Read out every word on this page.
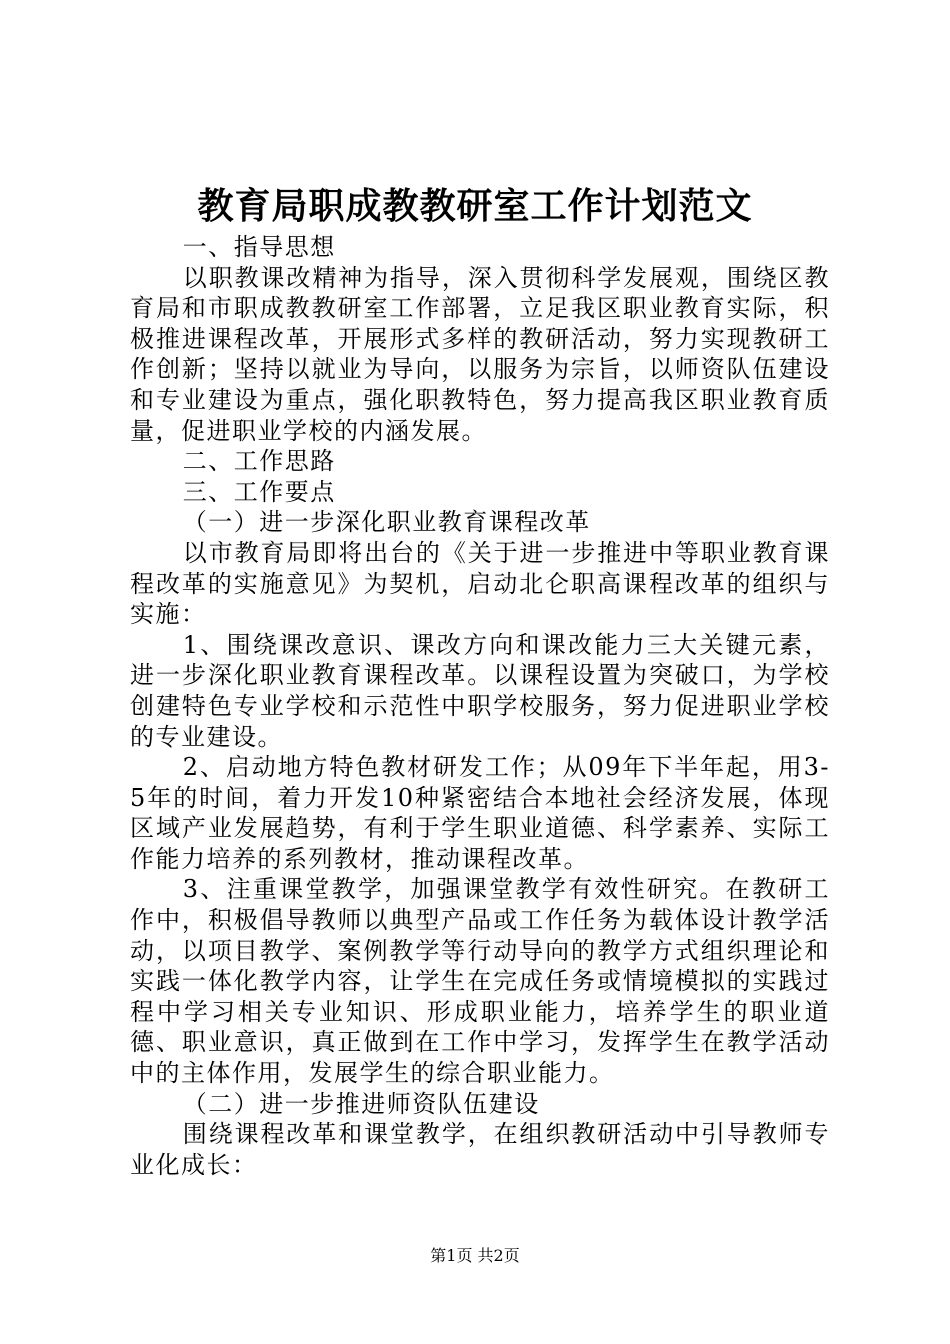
教育局职成教教研室工作计划范文

一、指导思想

以职教课改精神为指导，深入贯彻科学发展观，围绕区教育局和市职成教教研室工作部署，立足我区职业教育实际，积极推进课程改革，开展形式多样的教研活动，努力实现教研工作创新；坚持以就业为导向，以服务为宗旨，以师资队伍建设和专业建设为重点，强化职教特色，努力提高我区职业教育质量，促进职业学校的内涵发展。

二、工作思路

三、工作要点

（一）进一步深化职业教育课程改革

以市教育局即将出台的《关于进一步推进中等职业教育课程改革的实施意见》为契机，启动北仑职高课程改革的组织与实施：

1、围绕课改意识、课改方向和课改能力三大关键元素，进一步深化职业教育课程改革。以课程设置为突破口，为学校创建特色专业学校和示范性中职学校服务，努力促进职业学校的专业建设。

2、启动地方特色教材研发工作；从09年下半年起，用3-5年的时间，着力开发10种紧密结合本地社会经济发展，体现区域产业发展趋势，有利于学生职业道德、科学素养、实际工作能力培养的系列教材，推动课程改革。

3、注重课堂教学，加强课堂教学有效性研究。在教研工作中，积极倡导教师以典型产品或工作任务为载体设计教学活动，以项目教学、案例教学等行动导向的教学方式组织理论和实践一体化教学内容，让学生在完成任务或情境模拟的实践过程中学习相关专业知识、形成职业能力，培养学生的职业道德、职业意识，真正做到在工作中学习，发挥学生在教学活动中的主体作用，发展学生的综合职业能力。

（二）进一步推进师资队伍建设

围绕课程改革和课堂教学，在组织教研活动中引导教师专业化成长：

第1页 共2页
